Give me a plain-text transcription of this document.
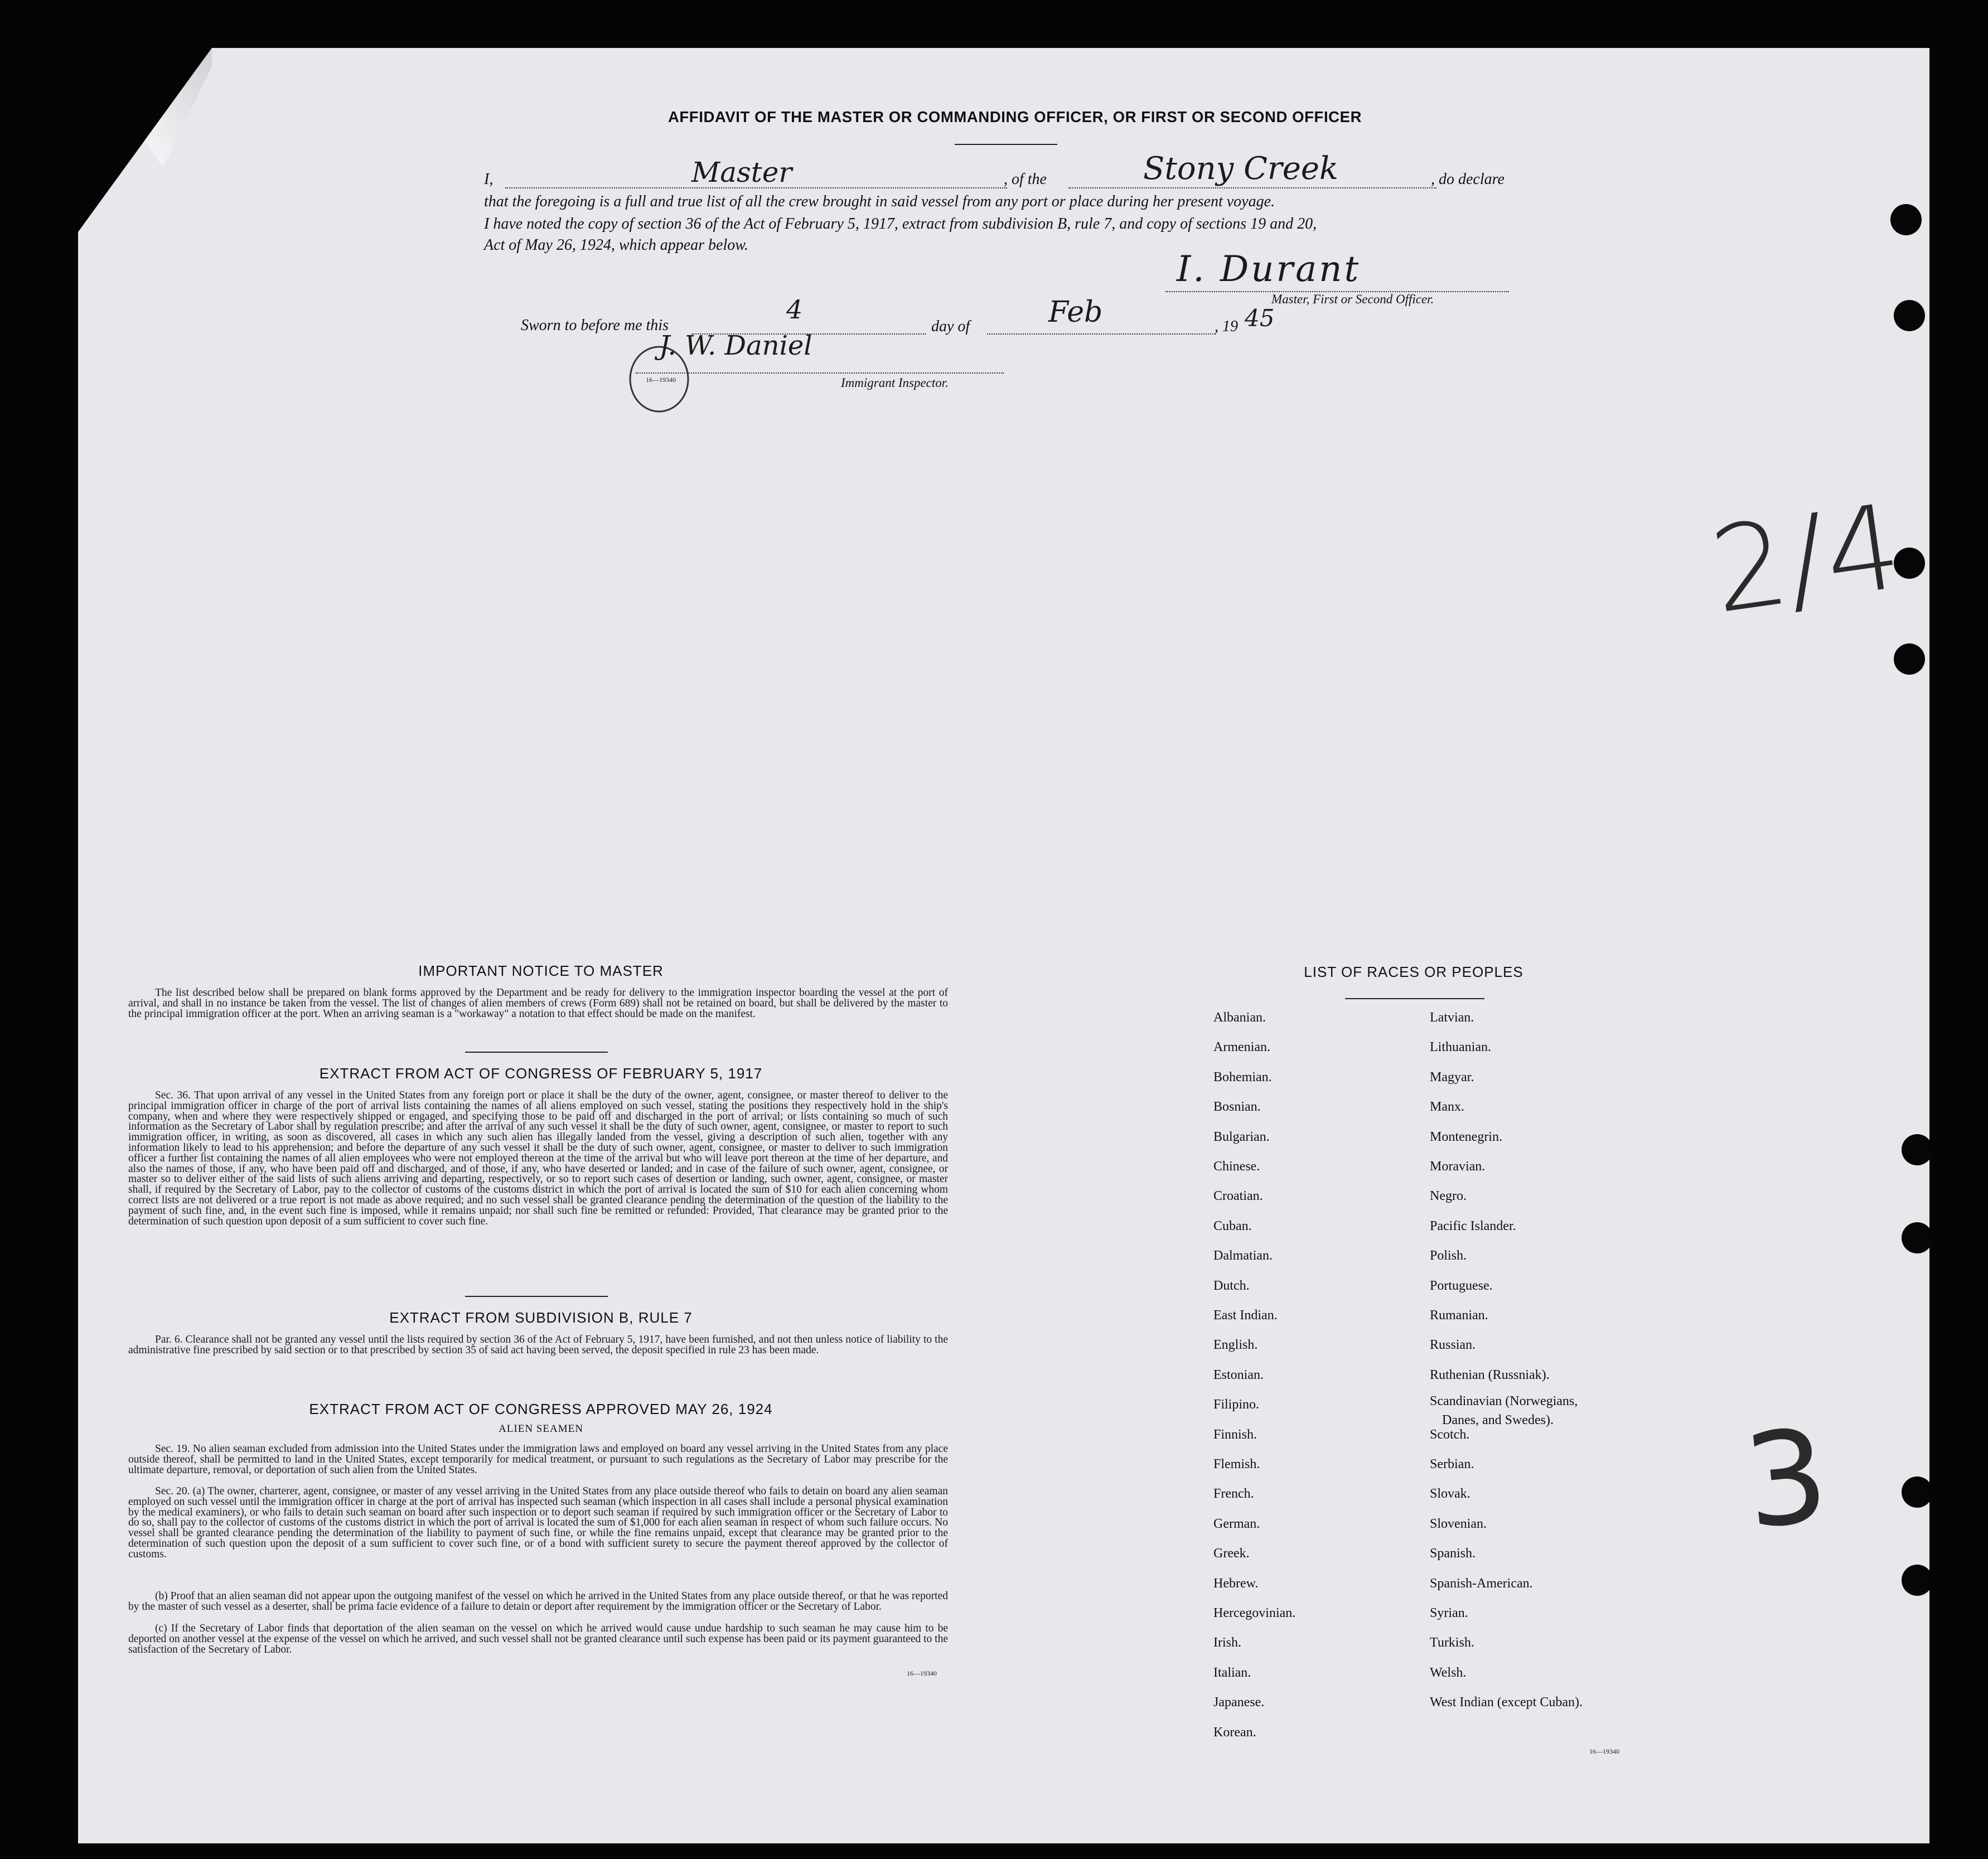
AFFIDAVIT OF THE MASTER OR COMMANDING OFFICER, OR FIRST OR SECOND OFFICER
I,	Master	, of the	Stony Creek	, do declare
that the foregoing is a full and true list of all the crew brought in said vessel from any port or place during her present voyage.
I have noted the copy of section 36 of the Act of February 5, 1917, extract from subdivision B, rule 7, and copy of sections 19 and 20,
Act of May 26, 1924, which appear below.
I. Durant
Master, First or Second Officer.
Sworn to before me this
4
day of	Feb	, 19 45
J. W. Daniel
16—19340	Immigrant Inspector.
2/4
3
IMPORTANT NOTICE TO MASTER
The list described below shall be prepared on blank forms approved by the Department and be ready for delivery to the immigration inspector boarding the vessel at the port of arrival, and shall in no instance be taken from the vessel. The list of changes of alien members of crews (Form 689) shall not be retained on board, but shall be delivered by the master to the principal immigration officer at the port. When an arriving seaman is a "workaway" a notation to that effect should be made on the manifest.
EXTRACT FROM ACT OF CONGRESS OF FEBRUARY 5, 1917
Sec. 36. That upon arrival of any vessel in the United States from any foreign port or place it shall be the duty of the owner, agent, consignee, or master thereof to deliver to the principal immigration officer in charge of the port of arrival lists containing the names of all aliens employed on such vessel, stating the positions they respectively hold in the ship's company, when and where they were respectively shipped or engaged, and specifying those to be paid off and discharged in the port of arrival; or lists containing so much of such information as the Secretary of Labor shall by regulation prescribe; and after the arrival of any such vessel it shall be the duty of such owner, agent, consignee, or master to report to such immigration officer, in writing, as soon as discovered, all cases in which any such alien has illegally landed from the vessel, giving a description of such alien, together with any information likely to lead to his apprehension; and before the departure of any such vessel it shall be the duty of such owner, agent, consignee, or master to deliver to such immigration officer a further list containing the names of all alien employees who were not employed thereon at the time of the arrival but who will leave port thereon at the time of her departure, and also the names of those, if any, who have been paid off and discharged, and of those, if any, who have deserted or landed; and in case of the failure of such owner, agent, consignee, or master so to deliver either of the said lists of such aliens arriving and departing, respectively, or so to report such cases of desertion or landing, such owner, agent, consignee, or master shall, if required by the Secretary of Labor, pay to the collector of customs of the customs district in which the port of arrival is located the sum of $10 for each alien concerning whom correct lists are not delivered or a true report is not made as above required; and no such vessel shall be granted clearance pending the determination of the question of the liability to the payment of such fine, and, in the event such fine is imposed, while it remains unpaid; nor shall such fine be remitted or refunded: Provided, That clearance may be granted prior to the determination of such question upon deposit of a sum sufficient to cover such fine.
EXTRACT FROM SUBDIVISION B, RULE 7
Par. 6. Clearance shall not be granted any vessel until the lists required by section 36 of the Act of February 5, 1917, have been furnished, and not then unless notice of liability to the administrative fine prescribed by said section or to that prescribed by section 35 of said act having been served, the deposit specified in rule 23 has been made.
EXTRACT FROM ACT OF CONGRESS APPROVED MAY 26, 1924
ALIEN SEAMEN
Sec. 19. No alien seaman excluded from admission into the United States under the immigration laws and employed on board any vessel arriving in the United States from any place outside thereof, shall be permitted to land in the United States, except temporarily for medical treatment, or pursuant to such regulations as the Secretary of Labor may prescribe for the ultimate departure, removal, or deportation of such alien from the United States.
Sec. 20. (a) The owner, charterer, agent, consignee, or master of any vessel arriving in the United States from any place outside thereof who fails to detain on board any alien seaman employed on such vessel until the immigration officer in charge at the port of arrival has inspected such seaman (which inspection in all cases shall include a personal physical examination by the medical examiners), or who fails to detain such seaman on board after such inspection or to deport such seaman if required by such immigration officer or the Secretary of Labor to do so, shall pay to the collector of customs of the customs district in which the port of arrival is located the sum of $1,000 for each alien seaman in respect of whom such failure occurs. No vessel shall be granted clearance pending the determination of the liability to payment of such fine, or while the fine remains unpaid, except that clearance may be granted prior to the determination of such question upon the deposit of a sum sufficient to cover such fine, or of a bond with sufficient surety to secure the payment thereof approved by the collector of customs.
(b) Proof that an alien seaman did not appear upon the outgoing manifest of the vessel on which he arrived in the United States from any place outside thereof, or that he was reported by the master of such vessel as a deserter, shall be prima facie evidence of a failure to detain or deport after requirement by the immigration officer or the Secretary of Labor.
(c) If the Secretary of Labor finds that deportation of the alien seaman on the vessel on which he arrived would cause undue hardship to such seaman he may cause him to be deported on another vessel at the expense of the vessel on which he arrived, and such vessel shall not be granted clearance until such expense has been paid or its payment guaranteed to the satisfaction of the Secretary of Labor.
16—19340
LIST OF RACES OR PEOPLES
Albanian.
Armenian.
Bohemian.
Bosnian.
Bulgarian.
Chinese.
Croatian.
Cuban.
Dalmatian.
Dutch.
East Indian.
English.
Estonian.
Filipino.
Finnish.
Flemish.
French.
German.
Greek.
Hebrew.
Hercegovinian.
Irish.
Italian.
Japanese.
Korean.
Latvian.
Lithuanian.
Magyar.
Manx.
Montenegrin.
Moravian.
Negro.
Pacific Islander.
Polish.
Portuguese.
Rumanian.
Russian.
Ruthenian (Russniak).
Scandinavian (Norwegians,
Danes, and Swedes).
Scotch.
Serbian.
Slovak.
Slovenian.
Spanish.
Spanish-American.
Syrian.
Turkish.
Welsh.
West Indian (except Cuban).
16—19340
